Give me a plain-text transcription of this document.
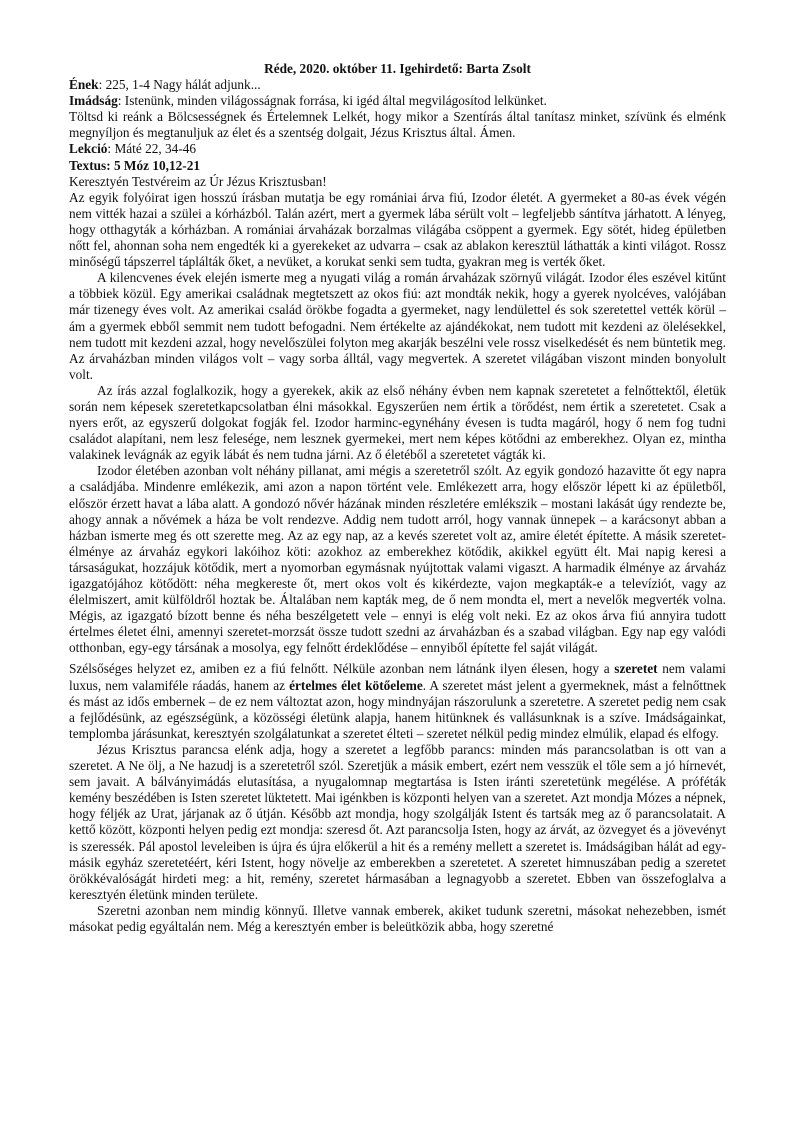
Réde, 2020. október 11. Igehirdető: Barta Zsolt

Ének: 225, 1-4 Nagy hálát adjunk...

Imádság: Istenünk, minden világosságnak forrása, ki igéd által megvilágosítod lelkünket.

Töltsd ki reánk a Bölcsességnek és Értelemnek Lelkét, hogy mikor a Szentírás által tanítasz minket, szívünk és elménk megnyíljon és megtanuljuk az élet és a szentség dolgait, Jézus Krisztus által. Ámen.

Lekció: Máté 22, 34-46

Textus: 5 Móz 10,12-21

Keresztyén Testvéreim az Úr Jézus Krisztusban!

Az egyik folyóirat igen hosszú írásban mutatja be egy romániai árva fiú, Izodor életét. A gyermeket a 80-as évek végén nem vitték hazai a szülei a kórházból. Talán azért, mert a gyermek lába sérült volt – legfeljebb sántítva járhatott. A lényeg, hogy otthagyták a kórházban. A romániai árvaházak borzalmas világába csöppent a gyermek. Egy sötét, hideg épületben nőtt fel, ahonnan soha nem engedték ki a gyerekeket az udvarra – csak az ablakon keresztül láthatták a kinti világot. Rossz minőségű tápszerrel táplálták őket, a nevüket, a korukat senki sem tudta, gyakran meg is verték őket.

A kilencvenes évek elején ismerte meg a nyugati világ a román árvaházak szörnyű világát. Izodor éles eszével kitűnt a többiek közül. Egy amerikai családnak megtetszett az okos fiú: azt mondták nekik, hogy a gyerek nyolcéves, valójában már tizenegy éves volt. Az amerikai család örökbe fogadta a gyermeket, nagy lendülettel és sok szeretettel vették körül – ám a gyermek ebből semmit nem tudott befogadni. Nem értékelte az ajándékokat, nem tudott mit kezdeni az ölelésekkel, nem tudott mit kezdeni azzal, hogy nevelőszülei folyton meg akarják beszélni vele rossz viselkedését és nem büntetik meg. Az árvaházban minden világos volt – vagy sorba álltál, vagy megvertek. A szeretet világában viszont minden bonyolult volt.

Az írás azzal foglalkozik, hogy a gyerekek, akik az első néhány évben nem kapnak szeretetet a felnőttektől, életük során nem képesek szeretetkapcsolatban élni másokkal. Egyszerűen nem értik a törődést, nem értik a szeretetet. Csak a nyers erőt, az egyszerű dolgokat fogják fel. Izodor harminc-egynéhány évesen is tudta magáról, hogy ő nem fog tudni családot alapítani, nem lesz felesége, nem lesznek gyermekei, mert nem képes kötődni az emberekhez. Olyan ez, mintha valakinek levágnák az egyik lábát és nem tudna járni. Az ő életéből a szeretetet vágták ki.

Izodor életében azonban volt néhány pillanat, ami mégis a szeretetről szólt. Az egyik gondozó hazavitte őt egy napra a családjába. Mindenre emlékezik, ami azon a napon történt vele. Emlékezett arra, hogy először lépett ki az épületből, először érzett havat a lába alatt. A gondozó nővér házának minden részletére emlékszik – mostani lakását úgy rendezte be, ahogy annak a nővémek a háza be volt rendezve. Addig nem tudott arról, hogy vannak ünnepek – a karácsonyt abban a házban ismerte meg és ott szerette meg. Az az egy nap, az a kevés szeretet volt az, amire életét építette. A másik szeretet-élménye az árvaház egykori lakóihoz köti: azokhoz az emberekhez kötődik, akikkel együtt élt. Mai napig keresi a társaságukat, hozzájuk kötődik, mert a nyomorban egymásnak nyújtottak valami vigaszt. A harmadik élménye az árvaház igazgatójához kötődött: néha megkereste őt, mert okos volt és kikérdezte, vajon megkapták-e a televíziót, vagy az élelmiszert, amit külföldről hoztak be. Általában nem kapták meg, de ő nem mondta el, mert a nevelők megverték volna. Mégis, az igazgató bízott benne és néha beszélgetett vele – ennyi is elég volt neki. Ez az okos árva fiú annyira tudott értelmes életet élni, amennyi szeretet-morzsát össze tudott szedni az árvaházban és a szabad világban. Egy nap egy valódi otthonban, egy-egy társának a mosolya, egy felnőtt érdeklődése – ennyiből építette fel saját világát.

Szélsőséges helyzet ez, amiben ez a fiú felnőtt. Nélküle azonban nem látnánk ilyen élesen, hogy a szeretet nem valami luxus, nem valamiféle ráadás, hanem az értelmes élet kötőeleme. A szeretet mást jelent a gyermeknek, mást a felnőttnek és mást az idős embernek – de ez nem változtat azon, hogy mindnyájan rászorulunk a szeretetre. A szeretet pedig nem csak a fejlődésünk, az egészségünk, a közösségi életünk alapja, hanem hitünknek és vallásunknak is a szíve. Imádságainkat, templomba járásunkat, keresztyén szolgálatunkat a szeretet élteti – szeretet nélkül pedig mindez elmúlik, elapad és elfogy.

Jézus Krisztus parancsa elénk adja, hogy a szeretet a legfőbb parancs: minden más parancsolatban is ott van a szeretet. A Ne ölj, a Ne hazudj is a szeretetről szól. Szeretjük a másik embert, ezért nem vesszük el tőle sem a jó hírnevét, sem javait. A bálványimádás elutasítása, a nyugalomnap megtartása is Isten iránti szeretetünk megélése. A próféták kemény beszédében is Isten szeretet lüktetett. Mai igénkben is központi helyen van a szeretet. Azt mondja Mózes a népnek, hogy féljék az Urat, járjanak az ő útján. Később azt mondja, hogy szolgálják Istent és tartsák meg az ő parancsolatait. A kettő között, központi helyen pedig ezt mondja: szeresd őt. Azt parancsolja Isten, hogy az árvát, az özvegyet és a jövevényt is szeressék. Pál apostol leveleiben is újra és újra előkerül a hit és a remény mellett a szeretet is. Imádságiban hálát ad egy-másik egyház szeretetéért, kéri Istent, hogy növelje az emberekben a szeretetet. A szeretet himnuszában pedig a szeretet örökkévalóságát hirdeti meg: a hit, remény, szeretet hármasában a legnagyobb a szeretet. Ebben van összefoglalva a keresztyén életünk minden területe.

Szeretni azonban nem mindig könnyű. Illetve vannak emberek, akiket tudunk szeretni, másokat nehezebben, ismét másokat pedig egyáltalán nem. Még a keresztyén ember is beleütközik abba, hogy szeretné
